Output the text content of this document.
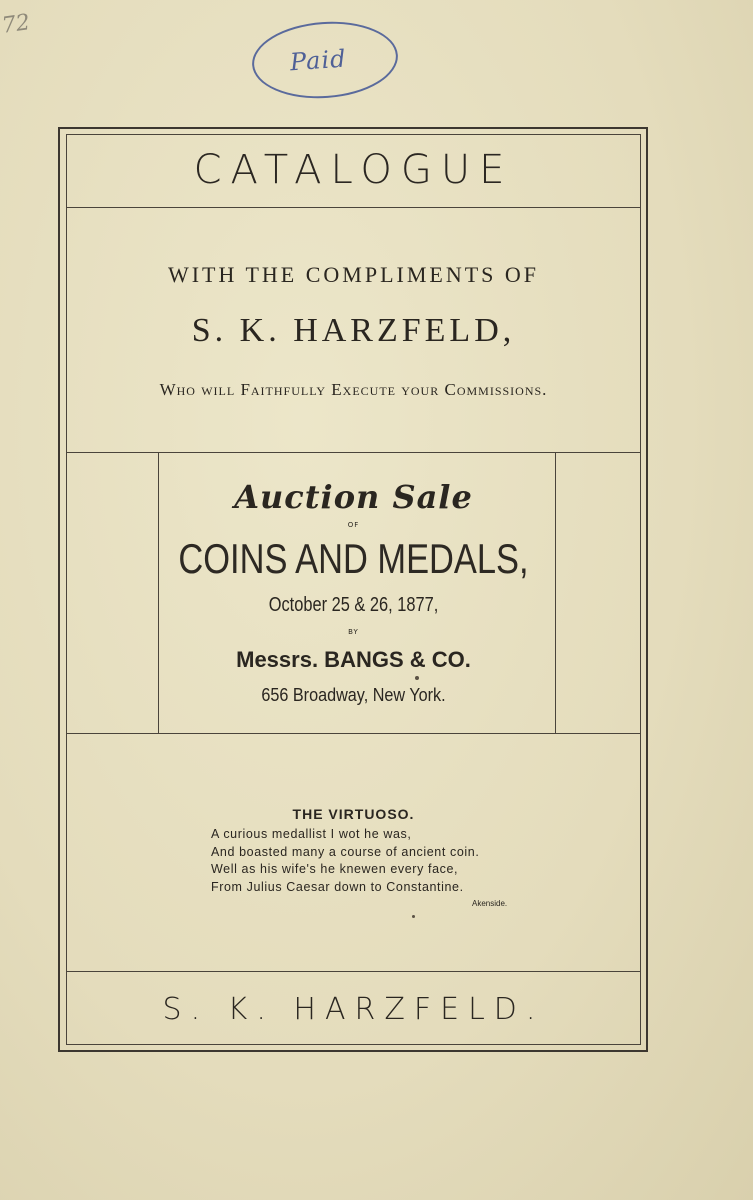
72
Paid
CATALOGUE
WITH THE COMPLIMENTS OF
S. K. HARZFELD,
Who will Faithfully Execute your Commissions.
Auction Sale
OF
COINS AND MEDALS,
October 25 & 26, 1877,
BY
Messrs. BANGS & CO.
656 Broadway, New York.
THE VIRTUOSO.
A curious medallist I wot he was,
And boasted many a course of ancient coin.
Well as his wife's he knewen every face,
From Julius Caesar down to Constantine.
Akenside.
S. K. HARZFELD.
